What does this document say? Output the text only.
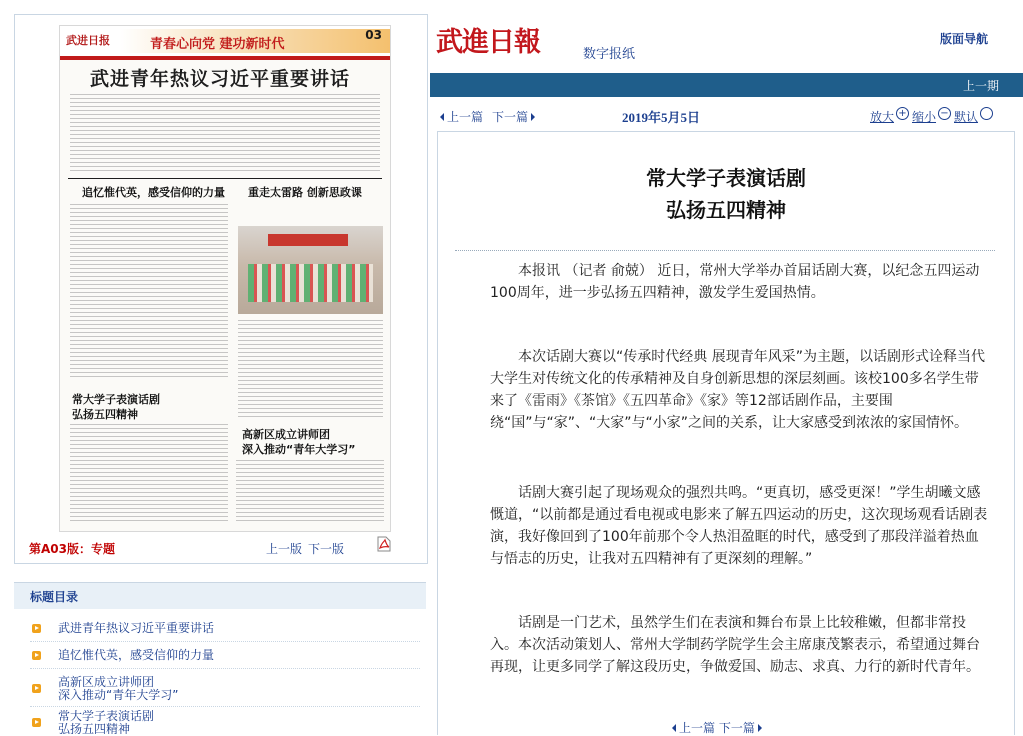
武进日报	青春心向党 建功新时代
03
武进青年热议习近平重要讲话
追忆惟代英，感受信仰的力量 重走太雷路 创新思政课
常大学子表演话剧
弘扬五四精神
高新区成立讲师团
深入推动“青年大学习”
第A03版：专题	上一版 下一版
标题目录
武进青年热议习近平重要讲话
追忆惟代英，感受信仰的力量
高新区成立讲师团
深入推动“青年大学习”
常大学子表演话剧
弘扬五四精神
武進日報	数字报纸
版面导航
上一期
上一篇 下一篇	2019年5月5日	放大 + 缩小 − 默认
常大学子表演话剧
弘扬五四精神

本报讯 （记者 俞兢） 近日，常州大学举办首届话剧大赛，以纪念五四运动100周年，进一步弘扬五四精神，激发学生爱国热情。

本次话剧大赛以“传承时代经典 展现青年风采”为主题，以话剧形式诠释当代大学生对传统文化的传承精神及自身创新思想的深层刻画。该校100多名学生带来了《雷雨》《茶馆》《五四革命》《家》等12部话剧作品，主要围绕“国”与“家”、“大家”与“小家”之间的关系，让大家感受到浓浓的家国情怀。

话剧大赛引起了现场观众的强烈共鸣。“更真切，感受更深！”学生胡曦文感慨道，“以前都是通过看电视或电影来了解五四运动的历史，这次现场观看话剧表演，我好像回到了100年前那个令人热泪盈眶的时代，感受到了那段洋溢着热血与悟志的历史，让我对五四精神有了更深刻的理解。”

话剧是一门艺术，虽然学生们在表演和舞台布景上比较稚嫩，但都非常投入。本次活动策划人、常州大学制药学院学生会主席康茂繁表示，希望通过舞台再现，让更多同学了解这段历史，争做爱国、励志、求真、力行的新时代青年。

上一篇 下一篇
